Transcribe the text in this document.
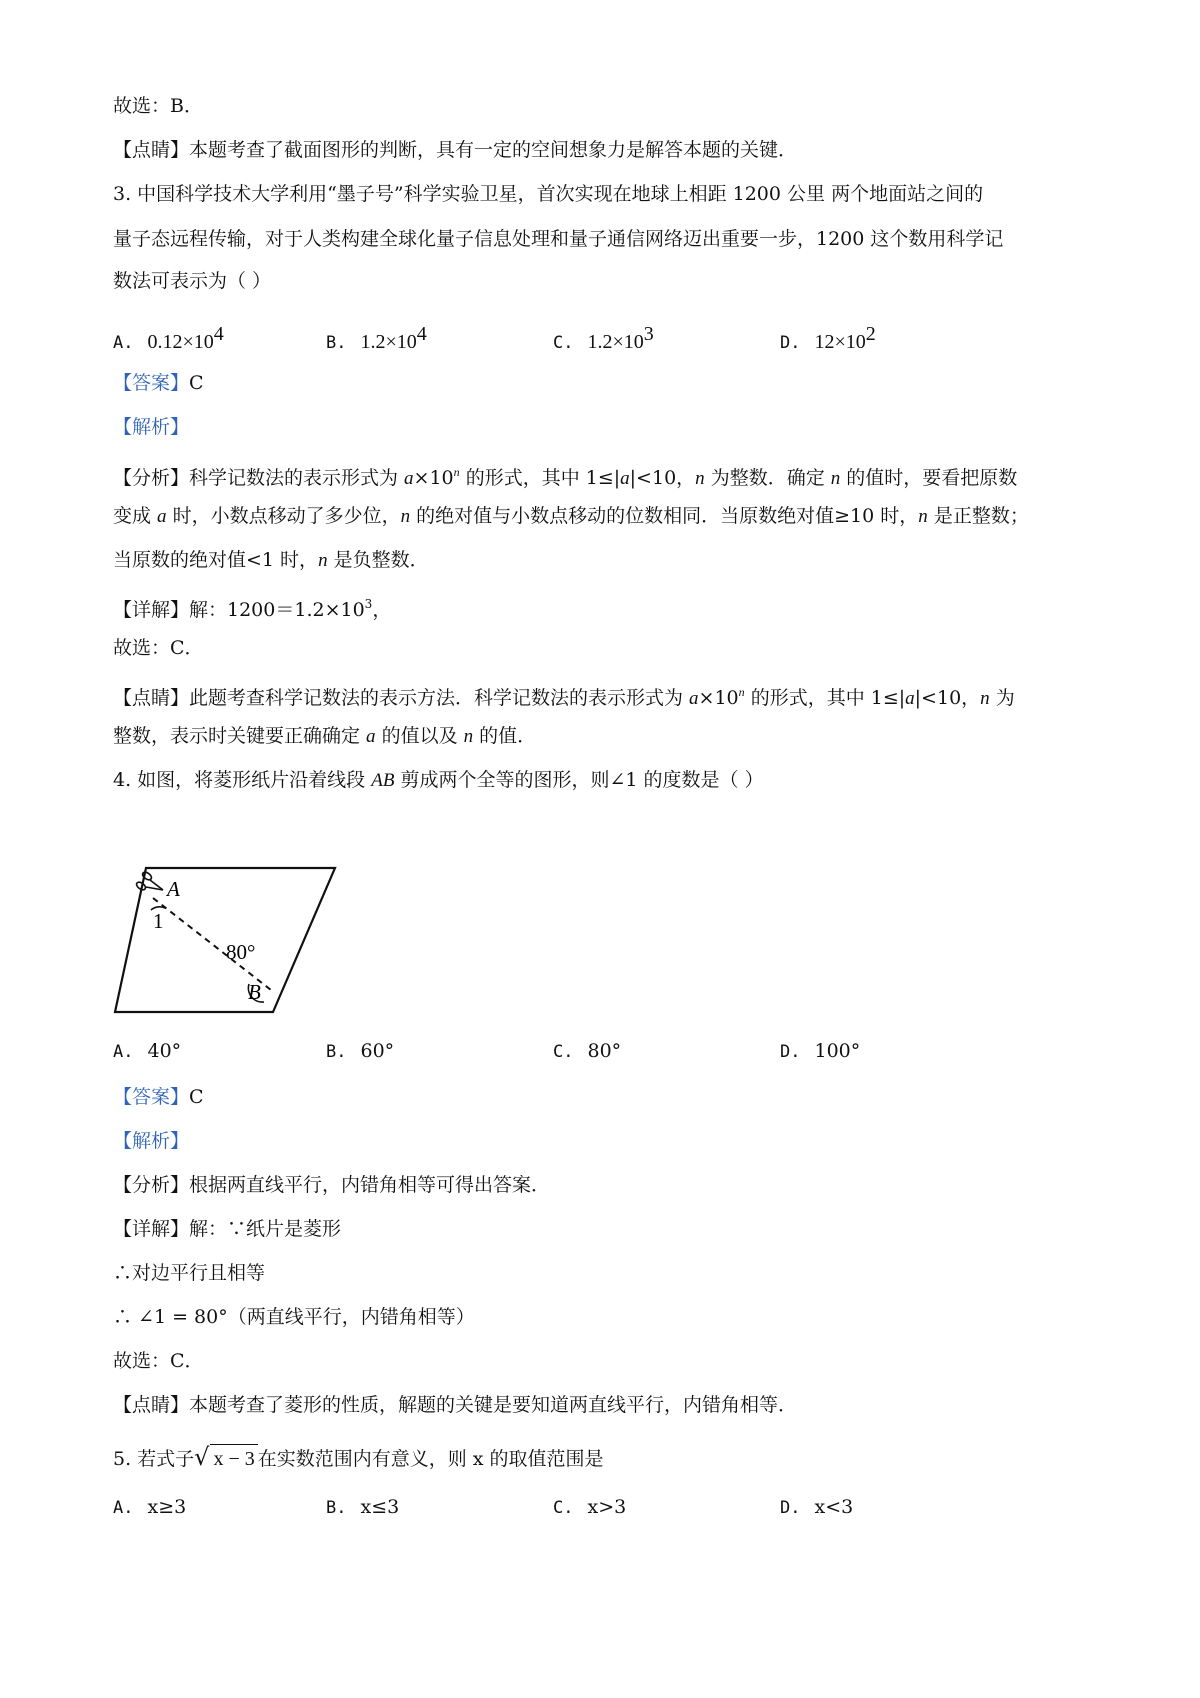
故选：B．
【点睛】本题考查了截面图形的判断，具有一定的空间想象力是解答本题的关键．
3. 中国科学技术大学利用“墨子号”科学实验卫星，首次实现在地球上相距 1200 公里 两个地面站之间的
量子态远程传输，对于人类构建全球化量子信息处理和量子通信网络迈出重要一步，1200 这个数用科学记
数法可表示为（ ）
A. $0.12\times 10^4$	B. $1.2\times 10^4$	C. $1.2\times 10^3$	D. $12\times 10^2$
【答案】C
【解析】
【分析】科学记数法的表示形式为 $a\times 10^n$ 的形式，其中 1≤|a|<10，n 为整数．确定 n 的值时，要看把原数
变成 a 时，小数点移动了多少位，n 的绝对值与小数点移动的位数相同．当原数绝对值≥10 时，n 是正整数；
当原数的绝对值<1 时，n 是负整数．
【详解】解：$1200=1.2\times 10^3$，
故选：C．
【点睛】此题考查科学记数法的表示方法．科学记数法的表示形式为 $a\times 10^n$ 的形式，其中 1≤|a|<10，n 为
整数，表示时关键要正确确定 a 的值以及 n 的值．
4. 如图，将菱形纸片沿着线段 AB 剪成两个全等的图形，则∠1 的度数是（ ）
A. 40°	B. 60°	C. 80°	D. 100°
【答案】C
【解析】
【分析】根据两直线平行，内错角相等可得出答案．
【详解】解：∵纸片是菱形
∴对边平行且相等
∴ ∠1 = 80°（两直线平行，内错角相等）
故选：C．
【点睛】本题考查了菱形的性质，解题的关键是要知道两直线平行，内错角相等．
5. 若式子√ x − 3 在实数范围内有意义，则 x 的取值范围是
A. x≥3	B. x≤3	C. x>3	D. x<3
A
1
80°
B
